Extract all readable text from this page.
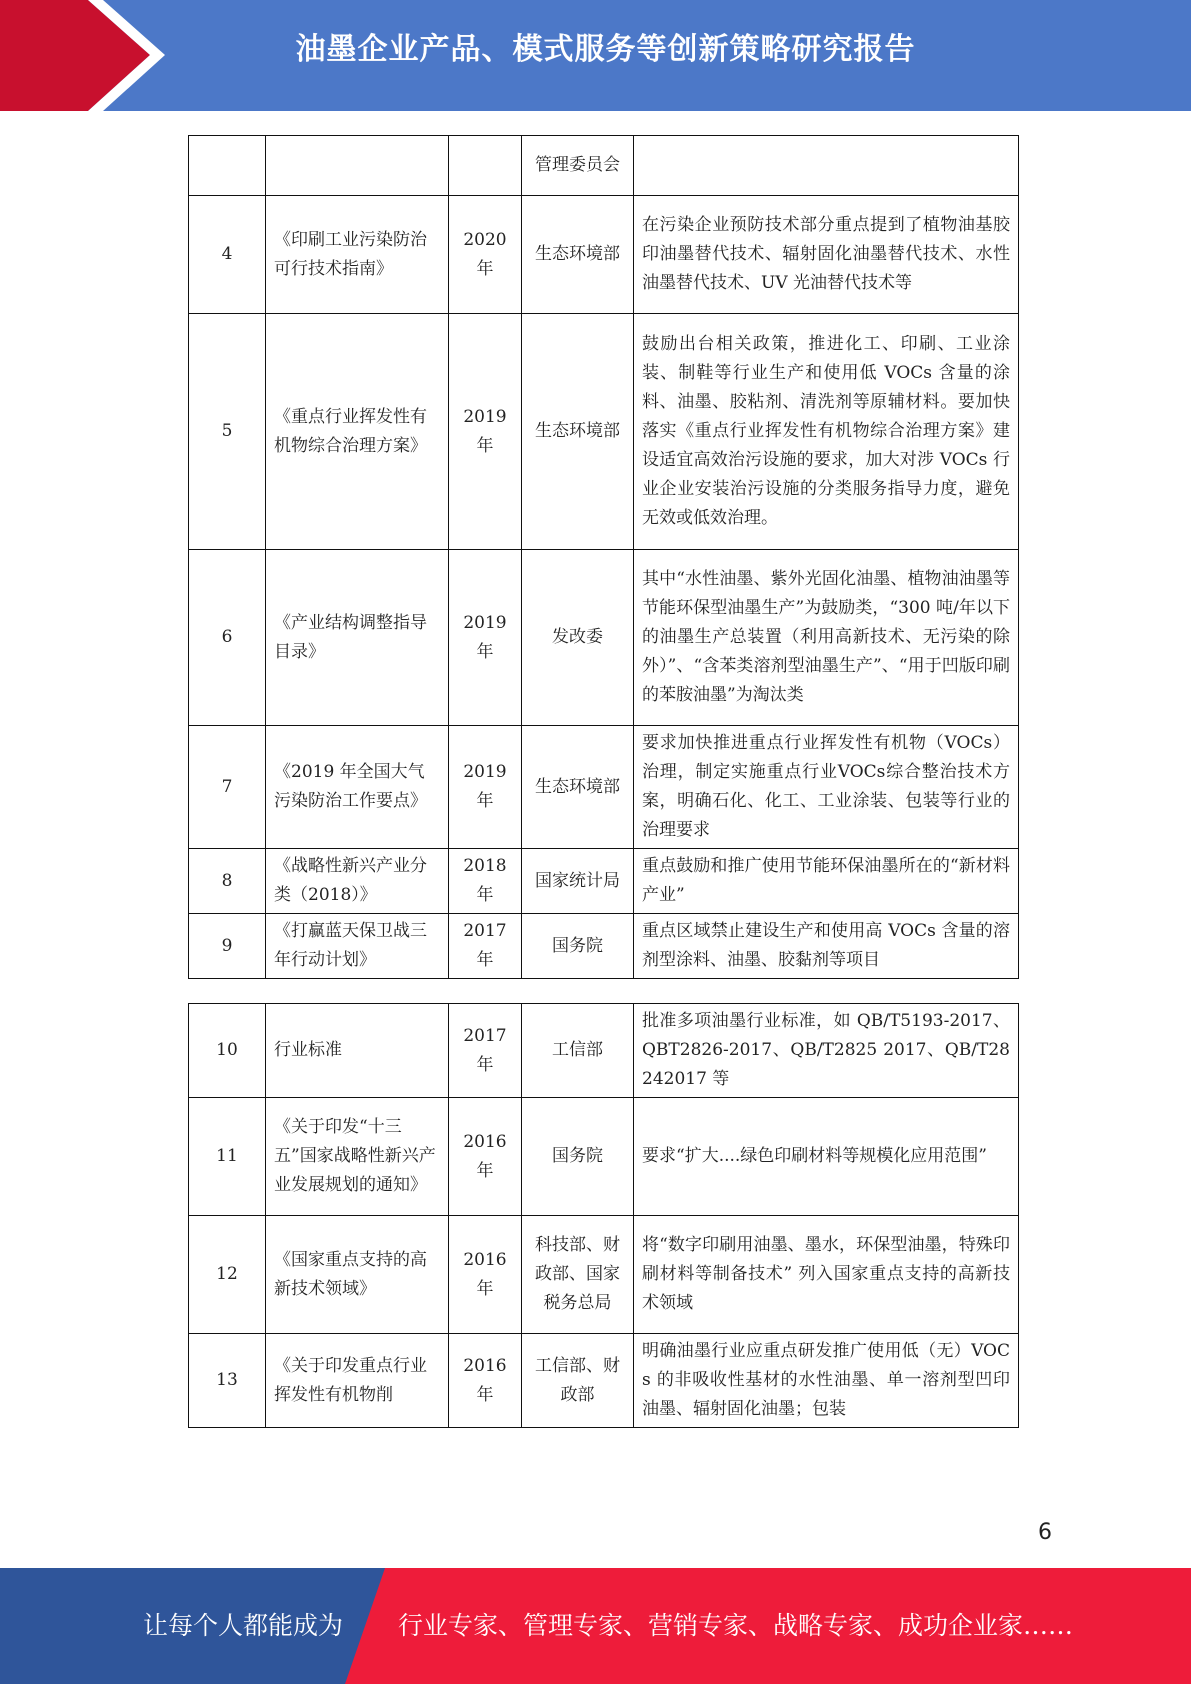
油墨企业产品、模式服务等创新策略研究报告
			管理委员会	
4	《印刷工业污染防治可行技术指南》	2020年	生态环境部	在污染企业预防技术部分重点提到了植物油基胶印油墨替代技术、辐射固化油墨替代技术、水性油墨替代技术、UV 光油替代技术等
5	《重点行业挥发性有机物综合治理方案》	2019年	生态环境部	鼓励出台相关政策，推进化工、印刷、工业涂装、制鞋等行业生产和使用低 VOCs 含量的涂料、油墨、胶粘剂、清洗剂等原辅材料。要加快落实《重点行业挥发性有机物综合治理方案》建设适宜高效治污设施的要求，加大对涉 VOCs 行业企业安装治污设施的分类服务指导力度，避免无效或低效治理。
6	《产业结构调整指导目录》	2019年	发改委	其中“水性油墨、紫外光固化油墨、植物油油墨等节能环保型油墨生产”为鼓励类，“300 吨/年以下的油墨生产总装置（利用高新技术、无污染的除外）”、“含苯类溶剂型油墨生产”、“用于凹版印刷的苯胺油墨”为淘汰类
7	《2019 年全国大气污染防治工作要点》	2019年	生态环境部	要求加快推进重点行业挥发性有机物（VOCs）治理，制定实施重点行业VOCs综合整治技术方案，明确石化、化工、工业涂装、包装等行业的治理要求
8	《战略性新兴产业分类（2018）》	2018年	国家统计局	重点鼓励和推广使用节能环保油墨所在的“新材料产业”
9	《打赢蓝天保卫战三年行动计划》	2017年	国务院	重点区域禁止建设生产和使用高 VOCs 含量的溶剂型涂料、油墨、胶黏剂等项目
10	行业标准	2017年	工信部	批准多项油墨行业标准，如 QB/T5193-2017、QBT2826-2017、QB/T2825 2017、QB/T28242017 等
11	《关于印发“十三五”国家战略性新兴产业发展规划的通知》	2016年	国务院	要求“扩大....绿色印刷材料等规模化应用范围”
12	《国家重点支持的高新技术领域》	2016年	科技部、财政部、国家税务总局	将“数字印刷用油墨、墨水，环保型油墨，特殊印刷材料等制备技术” 列入国家重点支持的高新技术领域
13	《关于印发重点行业挥发性有机物削	2016年	工信部、财政部	明确油墨行业应重点研发推广使用低（无）VOCs 的非吸收性基材的水性油墨、单一溶剂型凹印油墨、辐射固化油墨；包装
6
让每个人都能成为 行业专家、管理专家、营销专家、战略专家、成功企业家……
